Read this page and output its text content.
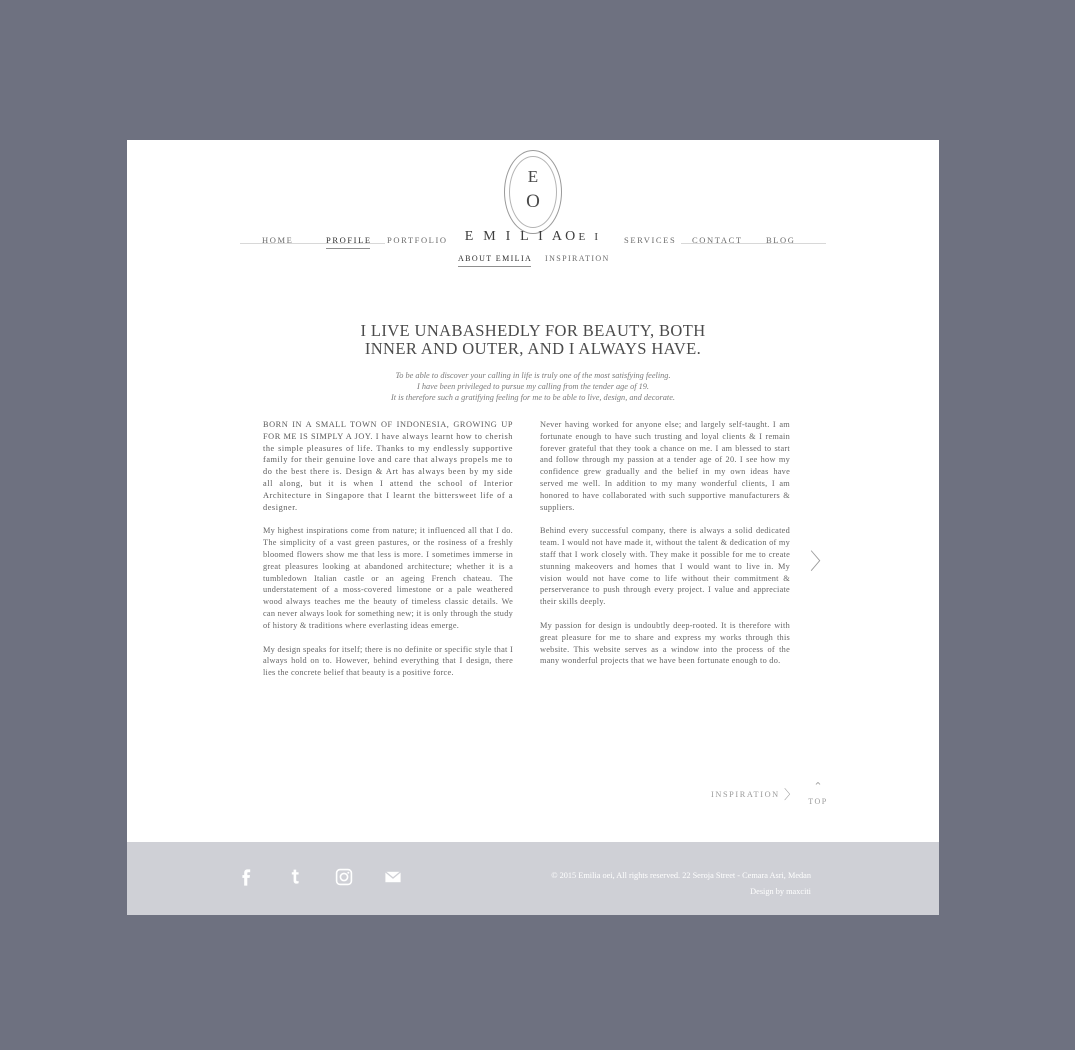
E
O
E M I L I AOE I
HOME	PROFILE PORTFOLIO	SERVICES CONTACT	BLOG
ABOUT EMILIA INSPIRATION
I LIVE UNABASHEDLY FOR BEAUTY, BOTH
INNER AND OUTER, AND I ALWAYS HAVE.
To be able to discover your calling in life is truly one of the most satisfying feeling.
I have been privileged to pursue my calling from the tender age of 19.
It is therefore such a gratifying feeling for me to be able to live, design, and decorate.

BORN IN A SMALL TOWN OF INDONESIA, GROWING UP FOR ME IS SIMPLY A JOY. I have always learnt how to cherish the simple pleasures of life. Thanks to my endlessly supportive family for their genuine love and care that always propels me to do the best there is. Design & Art has always been by my side all along, but it is when I attend the school of Interior Architecture in Singapore that I learnt the bittersweet life of a designer.

My highest inspirations come from nature; it influenced all that I do. The simplicity of a vast green pastures, or the rosiness of a freshly bloomed flowers show me that less is more. I sometimes immerse in great pleasures looking at abandoned architecture; whether it is a tumbledown Italian castle or an ageing French chateau. The understatement of a moss-covered limestone or a pale weathered wood always teaches me the beauty of timeless classic details. We can never always look for something new; it is only through the study of history & traditions where everlasting ideas emerge.

My design speaks for itself; there is no definite or specific style that I always hold on to. However, behind everything that I design, there lies the concrete belief that beauty is a positive force.

Never having worked for anyone else; and largely self-taught. I am fortunate enough to have such trusting and loyal clients & I remain forever grateful that they took a chance on me. I am blessed to start and follow through my passion at a tender age of 20. I see how my confidence grew gradually and the belief in my own ideas have served me well. In addition to my many wonderful clients, I am honored to have collaborated with such supportive manufacturers & suppliers.

Behind every successful company, there is always a solid dedicated team. I would not have made it, without the talent & dedication of my staff that I work closely with. They make it possible for me to create stunning makeovers and homes that I would want to live in. My vision would not have come to life without their commitment & perserverance to push through every project. I value and appreciate their skills deeply.

My passion for design is undoubtly deep-rooted. It is therefore with great pleasure for me to share and express my works through this website. This website serves as a window into the process of the many wonderful projects that we have been fortunate enough to do.

〉
INSPIRATION 〉	⌃
TOP
© 2015 Emilia oei, All rights reserved. 22 Seroja Street - Cemara Asri, Medan
Design by maxciti
